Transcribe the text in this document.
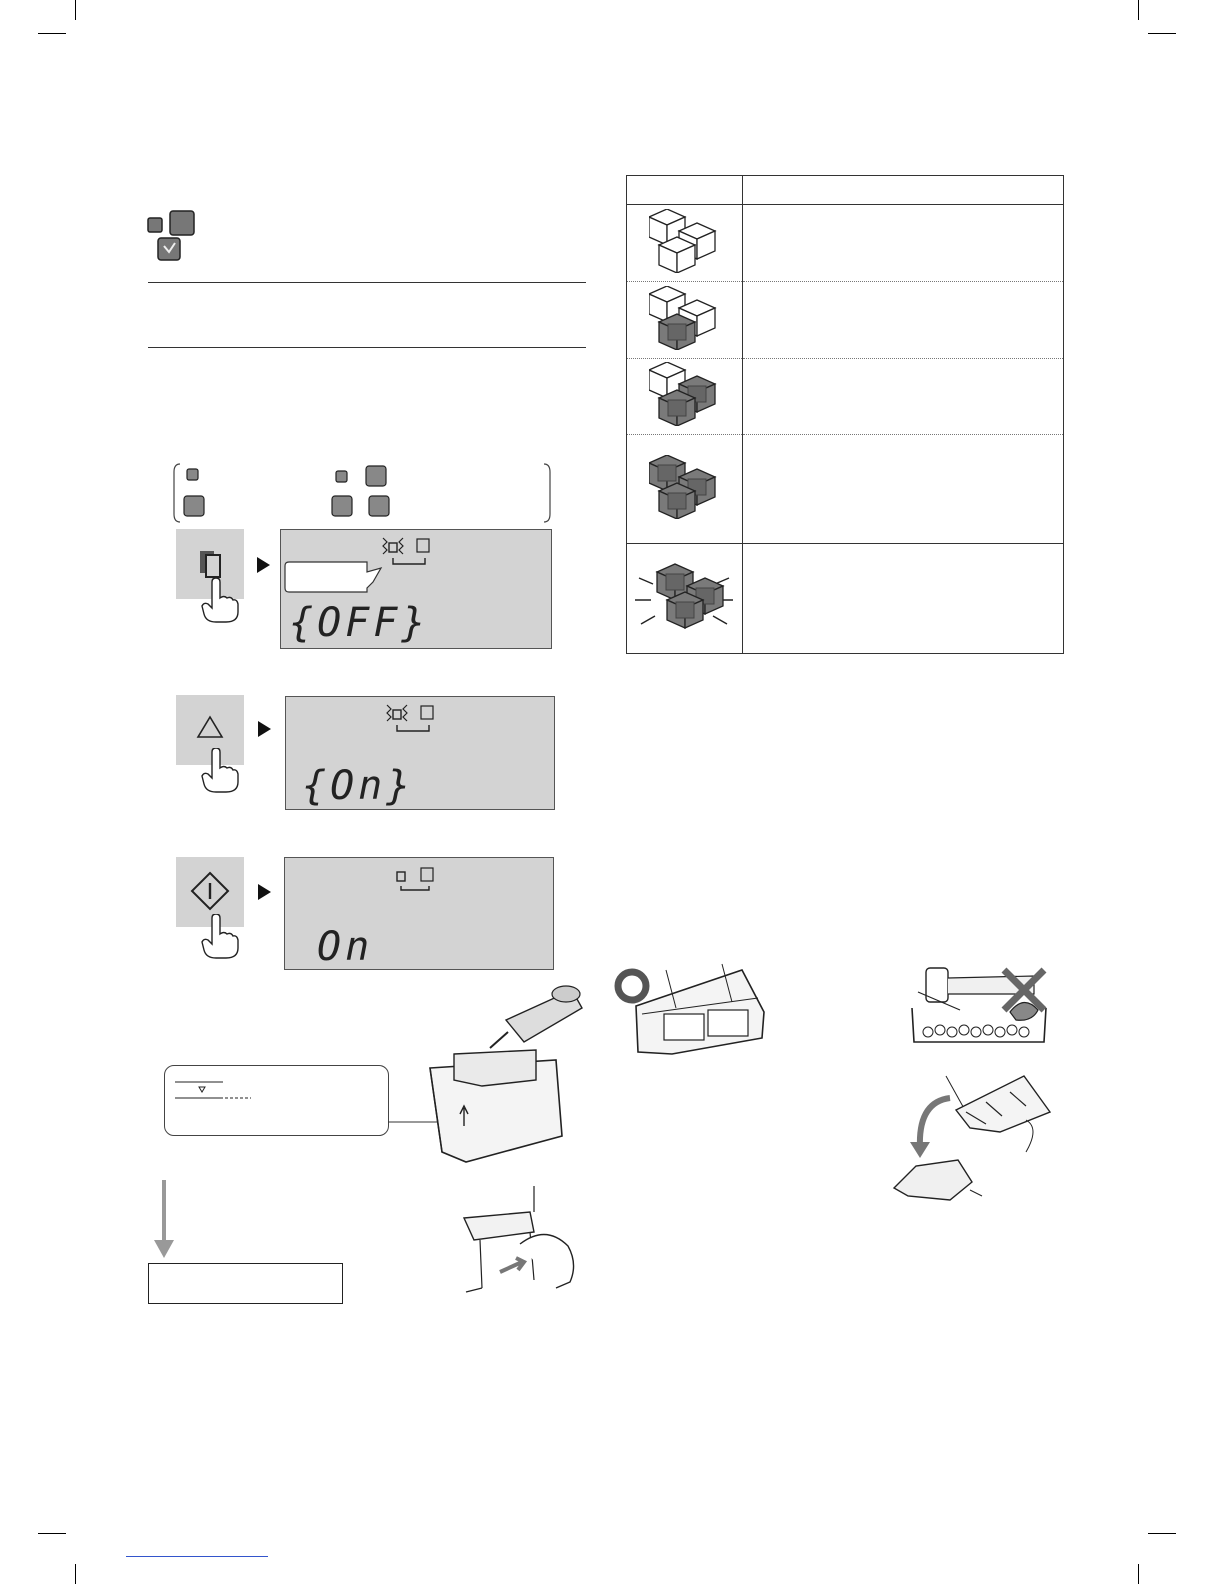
{OFF}
{On}
On
